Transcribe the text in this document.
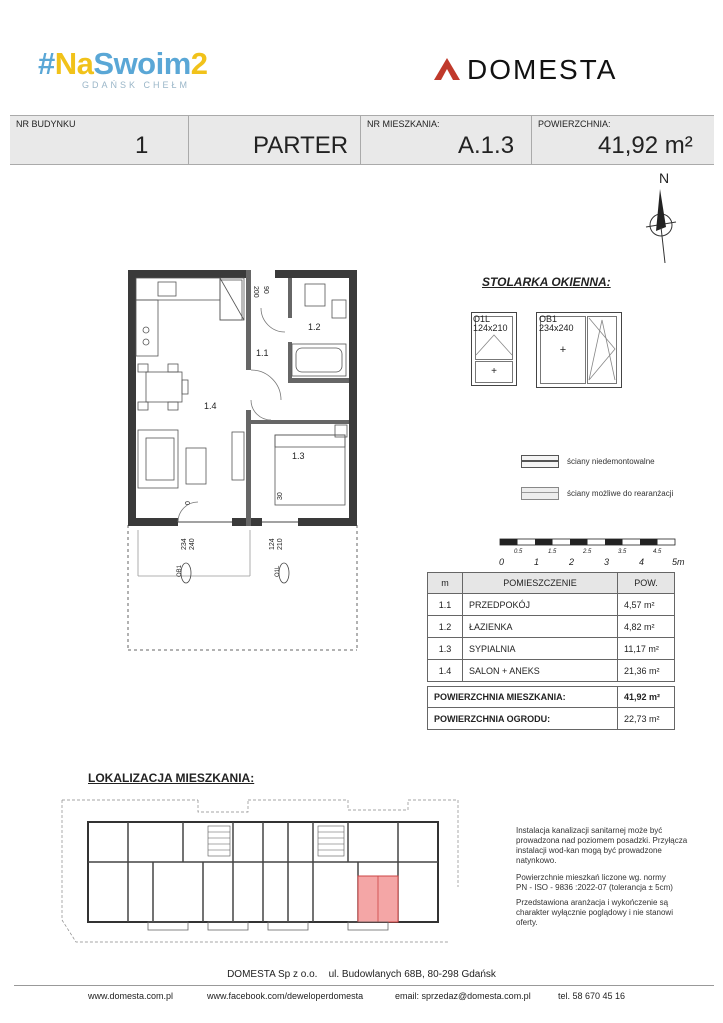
#NaSwoim2
GDAŃSK CHEŁM	DOMESTA
NR BUDYNKU
1	PARTER
NR MIESZKANIA:
A.1.3
POWIERZCHNIA:
41,92 m²
N
1.1
1.2
1.3
1.4
200 90
30
0
234 240	124 210
OB1	O1L
STOLARKA OKIENNA:
+
O1L
124x210
+
OB1
234x240
ściany niedemontowalne
ściany możliwe do rearanżacji
0.5	1.5	2.5	3.5	4.5
0	1	2	3	4	5m
m	POMIESZCZENIE	POW.
1.1	PRZEDPOKÓJ	4,57 m²
1.2	ŁAZIENKA	4,82 m²
1.3	SYPIALNIA	11,17 m²
1.4	SALON + ANEKS	21,36 m²

POWIERZCHNIA MIESZKANIA:		41,92 m²
POWIERZCHNIA OGRODU:		22,73 m²
LOKALIZACJA MIESZKANIA:
Instalacja kanalizacji sanitarnej może być
prowadzona nad poziomem posadzki. Przyłącza
instalacji wod-kan mogą być prowadzone
natynkowo.
Powierzchnie mieszkań liczone wg. normy
PN - ISO - 9836 :2022-07 (tolerancja ± 5cm)
Przedstawiona aranżacja i wykończenie są
charakter wyłącznie poglądowy i nie stanowi
oferty.
DOMESTA Sp z o.o. ul. Budowlanych 68B, 80-298 Gdańsk
www.domesta.com.pl	www.facebook.com/deweloperdomesta	email: sprzedaz@domesta.com.pl	tel. 58 670 45 16
